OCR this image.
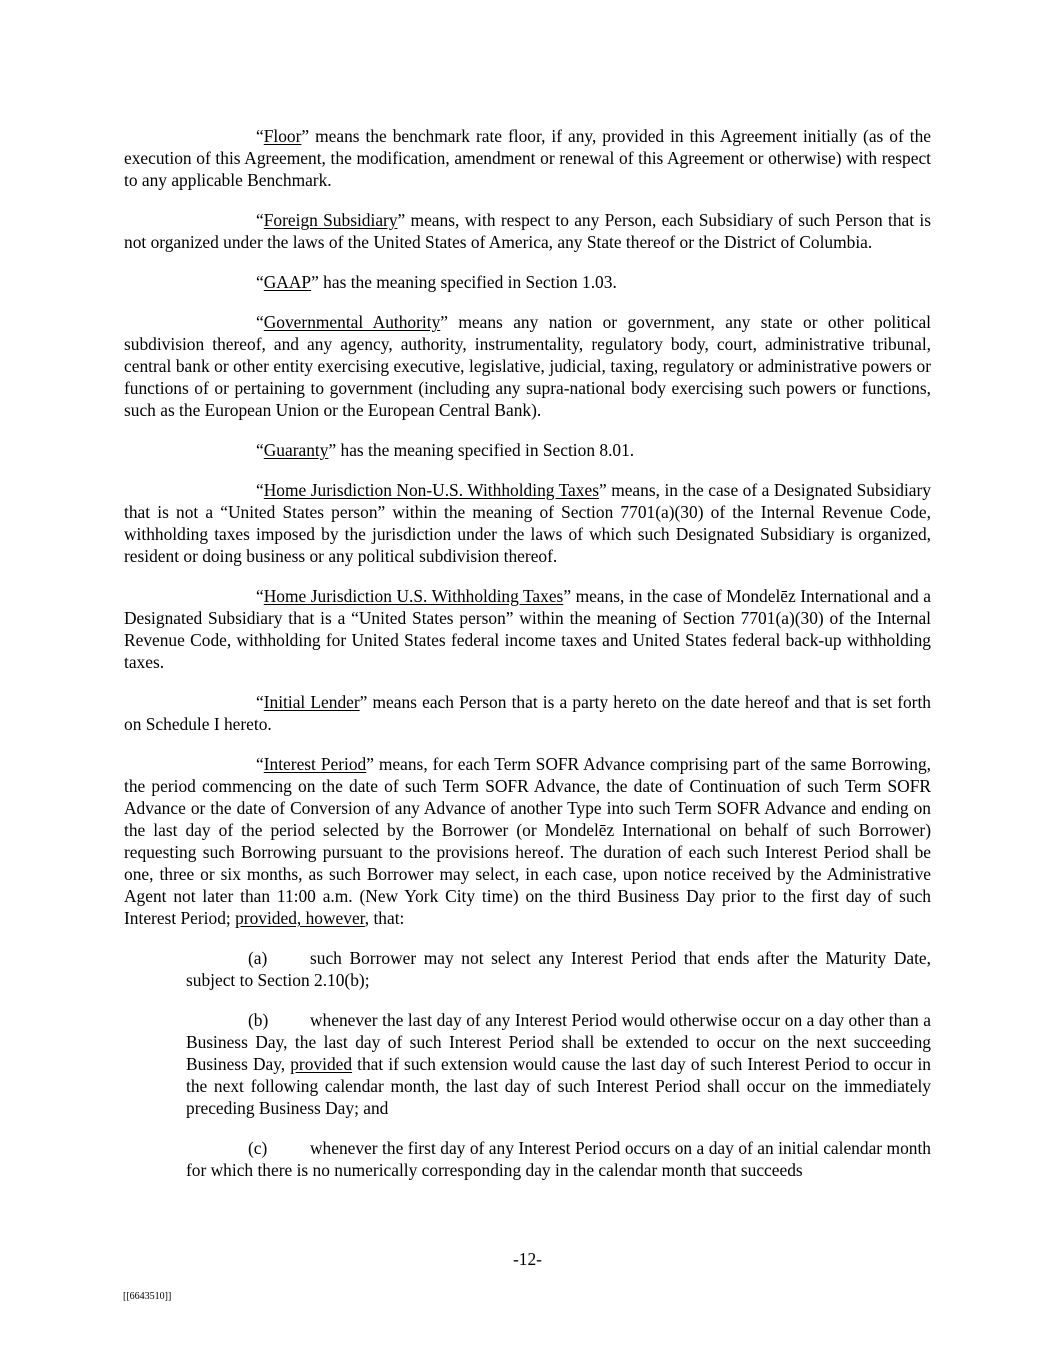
“Floor” means the benchmark rate floor, if any, provided in this Agreement initially (as of the execution of this Agreement, the modification, amendment or renewal of this Agreement or otherwise) with respect to any applicable Benchmark.

“Foreign Subsidiary” means, with respect to any Person, each Subsidiary of such Person that is not organized under the laws of the United States of America, any State thereof or the District of Columbia.

“GAAP” has the meaning specified in Section 1.03.

“Governmental Authority” means any nation or government, any state or other political subdivision thereof, and any agency, authority, instrumentality, regulatory body, court, administrative tribunal, central bank or other entity exercising executive, legislative, judicial, taxing, regulatory or administrative powers or functions of or pertaining to government (including any supra-national body exercising such powers or functions, such as the European Union or the European Central Bank).

“Guaranty” has the meaning specified in Section 8.01.

“Home Jurisdiction Non-U.S. Withholding Taxes” means, in the case of a Designated Subsidiary that is not a “United States person” within the meaning of Section 7701(a)(30) of the Internal Revenue Code, withholding taxes imposed by the jurisdiction under the laws of which such Designated Subsidiary is organized, resident or doing business or any political subdivision thereof.

“Home Jurisdiction U.S. Withholding Taxes” means, in the case of Mondelēz International and a Designated Subsidiary that is a “United States person” within the meaning of Section 7701(a)(30) of the Internal Revenue Code, withholding for United States federal income taxes and United States federal back-up withholding taxes.

“Initial Lender” means each Person that is a party hereto on the date hereof and that is set forth on Schedule I hereto.

“Interest Period” means, for each Term SOFR Advance comprising part of the same Borrowing, the period commencing on the date of such Term SOFR Advance, the date of Continuation of such Term SOFR Advance or the date of Conversion of any Advance of another Type into such Term SOFR Advance and ending on the last day of the period selected by the Borrower (or Mondelēz International on behalf of such Borrower) requesting such Borrowing pursuant to the provisions hereof. The duration of each such Interest Period shall be one, three or six months, as such Borrower may select, in each case, upon notice received by the Administrative Agent not later than 11:00 a.m. (New York City time) on the third Business Day prior to the first day of such Interest Period; provided, however, that:

(a) such Borrower may not select any Interest Period that ends after the Maturity Date, subject to Section 2.10(b);

(b) whenever the last day of any Interest Period would otherwise occur on a day other than a Business Day, the last day of such Interest Period shall be extended to occur on the next succeeding Business Day, provided that if such extension would cause the last day of such Interest Period to occur in the next following calendar month, the last day of such Interest Period shall occur on the immediately preceding Business Day; and

(c) whenever the first day of any Interest Period occurs on a day of an initial calendar month for which there is no numerically corresponding day in the calendar month that succeeds

-12-
[[6643510]]
